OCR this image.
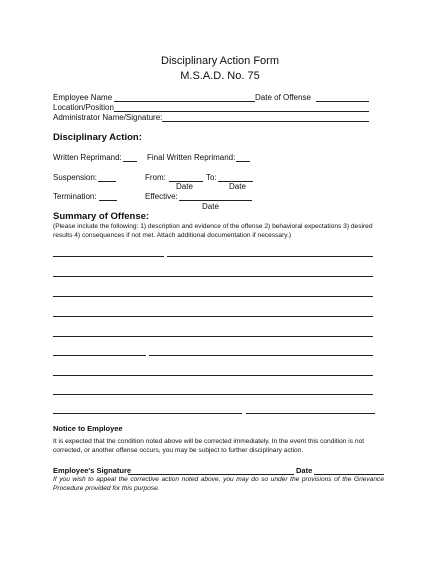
Disciplinary Action Form
M.S.A.D. No. 75
Employee Name	Date of Offense
Location/Position
Administrator Name/Signature:
Disciplinary Action:
Written Reprimand:	Final Written Reprimand:
Suspension:	From:	To:
Date	Date
Termination:	Effective:
Date
Summary of Offense:
(Please include the following: 1) description and evidence of the offense 2) behavioral expectations 3) desired results 4) consequences if not met. Attach additional documentation if necessary.)
Notice to Employee
It is expected that the condition noted above will be corrected immediately. In the event this condition is not corrected, or another offense occurs, you may be subject to further disciplinary action.
Employee's Signature	Date
If you wish to appeal the corrective action noted above, you may do so under the provisions of the Grievance Procedure provided for this purpose.
